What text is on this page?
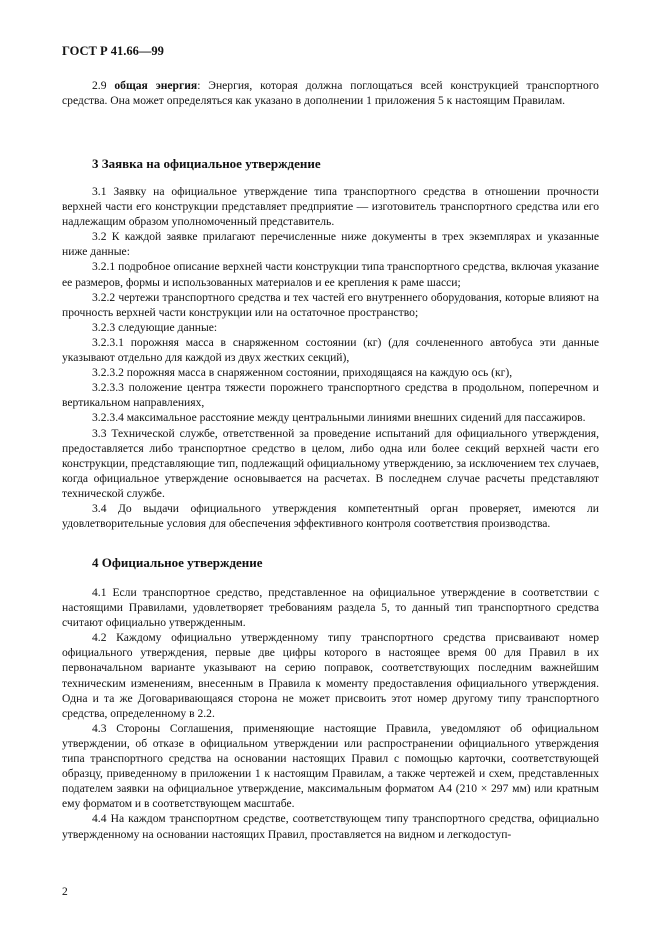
ГОСТ Р 41.66—99

2.9 общая энергия: Энергия, которая должна поглощаться всей конструкцией транспортного средства. Она может определяться как указано в дополнении 1 приложения 5 к настоящим Правилам.

3 Заявка на официальное утверждение

3.1 Заявку на официальное утверждение типа транспортного средства в отношении прочности верхней части его конструкции представляет предприятие — изготовитель транспортного средства или его надлежащим образом уполномоченный представитель.

3.2 К каждой заявке прилагают перечисленные ниже документы в трех экземплярах и указанные ниже данные:

3.2.1 подробное описание верхней части конструкции типа транспортного средства, включая указание ее размеров, формы и использованных материалов и ее крепления к раме шасси;

3.2.2 чертежи транспортного средства и тех частей его внутреннего оборудования, которые влияют на прочность верхней части конструкции или на остаточное пространство;

3.2.3 следующие данные:

3.2.3.1 порожняя масса в снаряженном состоянии (кг) (для сочлененного автобуса эти данные указывают отдельно для каждой из двух жестких секций),

3.2.3.2 порожняя масса в снаряженном состоянии, приходящаяся на каждую ось (кг),

3.2.3.3 положение центра тяжести порожнего транспортного средства в продольном, поперечном и вертикальном направлениях,

3.2.3.4 максимальное расстояние между центральными линиями внешних сидений для пассажиров.

3.3 Технической службе, ответственной за проведение испытаний для официального утверждения, предоставляется либо транспортное средство в целом, либо одна или более секций верхней части его конструкции, представляющие тип, подлежащий официальному утверждению, за исключением тех случаев, когда официальное утверждение основывается на расчетах. В последнем случае расчеты представляют технической службе.

3.4 До выдачи официального утверждения компетентный орган проверяет, имеются ли удовлетворительные условия для обеспечения эффективного контроля соответствия производства.

4 Официальное утверждение

4.1 Если транспортное средство, представленное на официальное утверждение в соответствии с настоящими Правилами, удовлетворяет требованиям раздела 5, то данный тип транспортного средства считают официально утвержденным.

4.2 Каждому официально утвержденному типу транспортного средства присваивают номер официального утверждения, первые две цифры которого в настоящее время 00 для Правил в их первоначальном варианте указывают на серию поправок, соответствующих последним важнейшим техническим изменениям, внесенным в Правила к моменту предоставления официального утверждения. Одна и та же Договаривающаяся сторона не может присвоить этот номер другому типу транспортного средства, определенному в 2.2.

4.3 Стороны Соглашения, применяющие настоящие Правила, уведомляют об официальном утверждении, об отказе в официальном утверждении или распространении официального утверждения типа транспортного средства на основании настоящих Правил с помощью карточки, соответствующей образцу, приведенному в приложении 1 к настоящим Правилам, а также чертежей и схем, представленных подателем заявки на официальное утверждение, максимальным форматом А4 (210 × 297 мм) или кратным ему форматом и в соответствующем масштабе.

4.4 На каждом транспортном средстве, соответствующем типу транспортного средства, официально утвержденному на основании настоящих Правил, проставляется на видном и легкодоступ-

2
